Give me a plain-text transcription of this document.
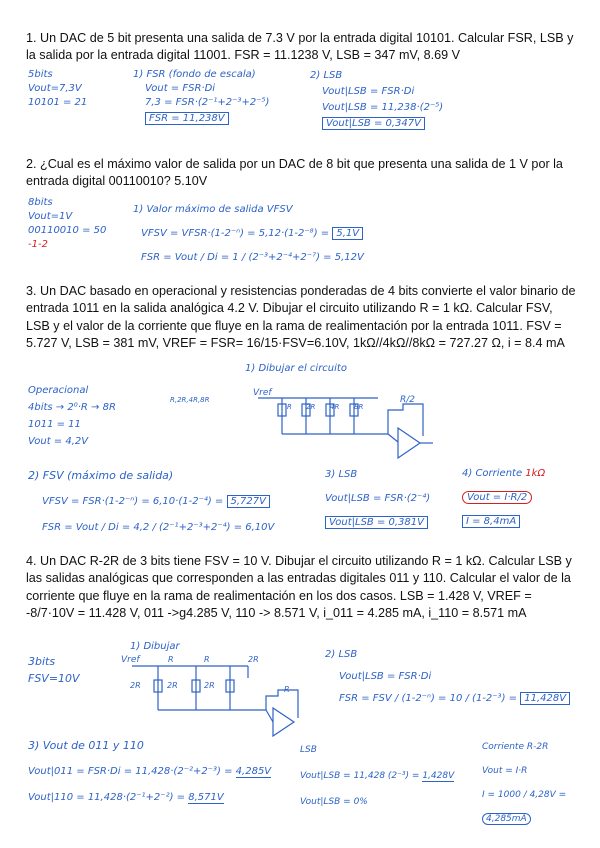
1. Un DAC de 5 bit presenta una salida de 7.3 V por la entrada digital 10101. Calcular FSR, LSB y la salida por la entrada digital 11001. FSR = 11.1238 V, LSB = 347 mV, 8.69 V
5bits
Vout=7,3V
10101 = 21
1) FSR (fondo de escala)
Vout = FSR·Di
7,3 = FSR·(2⁻¹+2⁻³+2⁻⁵)
FSR = 11,238V
2) LSB
Vout|LSB = FSR·Di
Vout|LSB = 11,238·(2⁻⁵)
Vout|LSB = 0,347V
2. ¿Cual es el máximo valor de salida por un DAC de 8 bit que presenta una salida de 1 V por la entrada digital 00110010? 5.10V
8bits
Vout=1V
00110010 = 50
-1-2
1) Valor máximo de salida VFSV
VFSV = VFSR·(1-2⁻ⁿ) = 5,12·(1-2⁻⁸) = 5,1V
FSR = Vout / Di = 1 / (2⁻³+2⁻⁴+2⁻⁷) = 5,12V
3. Un DAC basado en operacional y resistencias ponderadas de 4 bits convierte el valor binario de entrada 1011 en la salida analógica 4.2 V. Dibujar el circuito utilizando R = 1 kΩ. Calcular FSV, LSB y el valor de la corriente que fluye en la rama de realimentación por la entrada 1011. FSV = 5.727 V, LSB = 381 mV, VREF = FSR= 16/15·FSV=6.10V, 1kΩ//4kΩ//8kΩ = 727.27 Ω, i = 8.4 mA
Operacional
4bits → 2⁰·R → 8R
1011 = 11
Vout = 4,2V
R,2R,4R,8R
1) Dibujar el circuito
Vref
R 2R 4R 8R
R/2
2) FSV (máximo de salida)
VFSV = FSR·(1-2⁻ⁿ) = 6,10·(1-2⁻⁴) = 5,727V
FSR = Vout / Di = 4,2 / (2⁻¹+2⁻³+2⁻⁴) = 6,10V
3) LSB
Vout|LSB = FSR·(2⁻⁴)
Vout|LSB = 0,381V
4) Corriente 1kΩ
Vout = I·R/2
I = 8,4mA
4. Un DAC R-2R de 3 bits tiene FSV = 10 V. Dibujar el circuito utilizando R = 1 kΩ. Calcular LSB y las salidas analógicas que corresponden a las entradas digitales 011 y 110. Calcular el valor de la corriente que fluye en la rama de realimentación en los dos casos. LSB = 1.428 V, VREF = -8/7·10V = 11.428 V, 011 ->g4.285 V, 110 -> 8.571 V, i_011 = 4.285 mA, i_110 = 8.571 mA
3bits
FSV=10V
1) Dibujar
Vref	R	R
2R	2R	2R
2R
R
2) LSB
Vout|LSB = FSR·Di
FSR = FSV / (1-2⁻ⁿ) = 10 / (1-2⁻³) = 11,428V
3) Vout de 011 y 110
Vout|011 = FSR·Di = 11,428·(2⁻²+2⁻³) = 4,285V
Vout|110 = 11,428·(2⁻¹+2⁻²) = 8,571V
LSB
Vout|LSB = 11,428 (2⁻³) = 1,428V
Vout|LSB = 0%
Corriente R-2R
Vout = I·R
I = 1000 / 4,28V =
4,285mA
